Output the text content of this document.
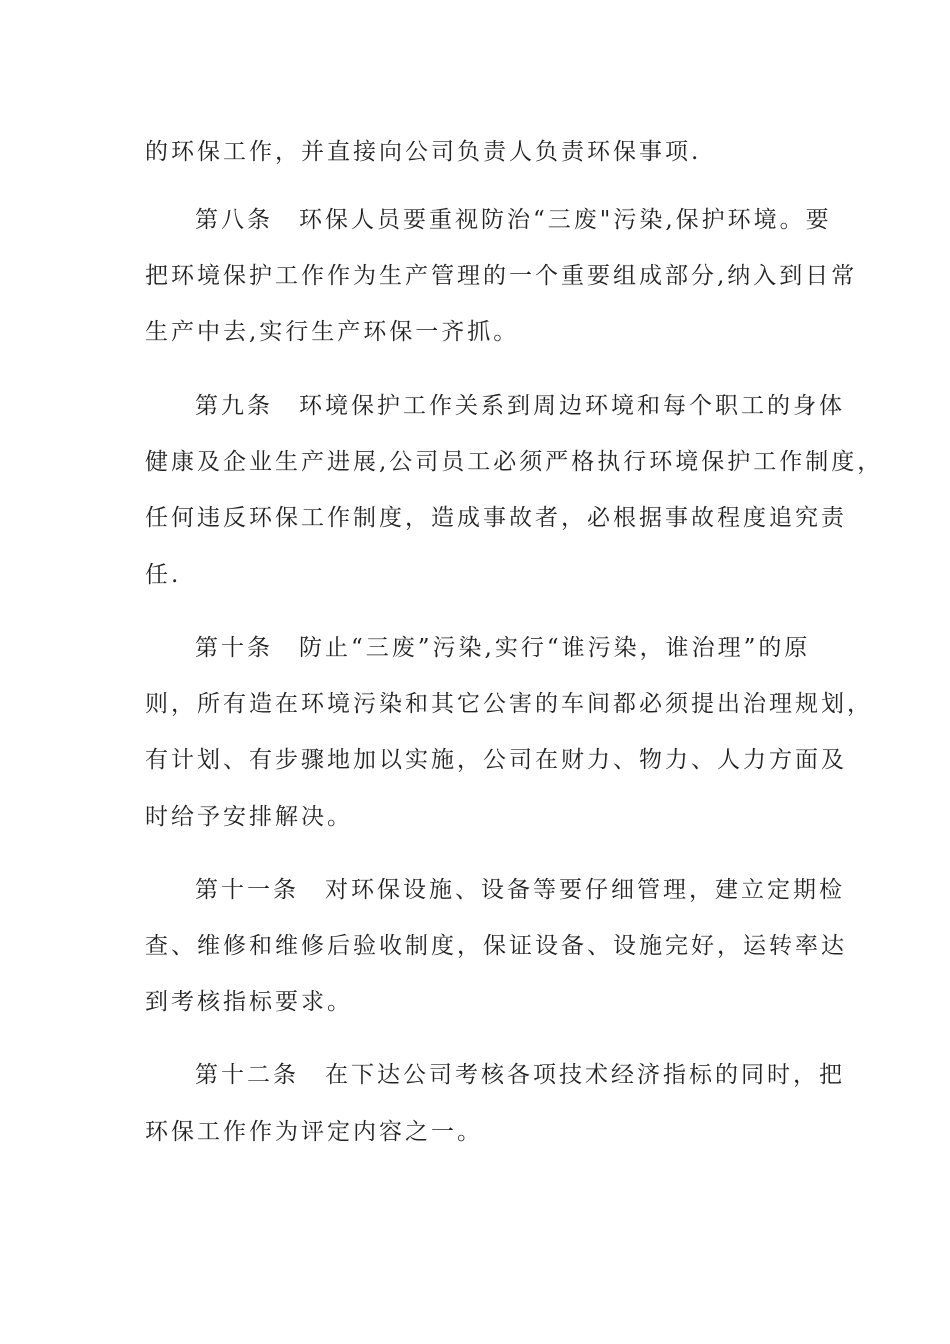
的环保工作，并直接向公司负责人负责环保事项.

第八条　环保人员要重视防治“三废"污染,保护环境。要

把环境保护工作作为生产管理的一个重要组成部分,纳入到日常

生产中去,实行生产环保一齐抓。

第九条　环境保护工作关系到周边环境和每个职工的身体

健康及企业生产进展,公司员工必须严格执行环境保护工作制度，

任何违反环保工作制度，造成事故者，必根据事故程度追究责

任.

第十条　防止“三废”污染,实行“谁污染，谁治理”的原

则，所有造在环境污染和其它公害的车间都必须提出治理规划，

有计划、有步骤地加以实施，公司在财力、物力、人力方面及

时给予安排解决。

第十一条　对环保设施、设备等要仔细管理，建立定期检

查、维修和维修后验收制度，保证设备、设施完好，运转率达

到考核指标要求。

第十二条　在下达公司考核各项技术经济指标的同时，把

环保工作作为评定内容之一。
